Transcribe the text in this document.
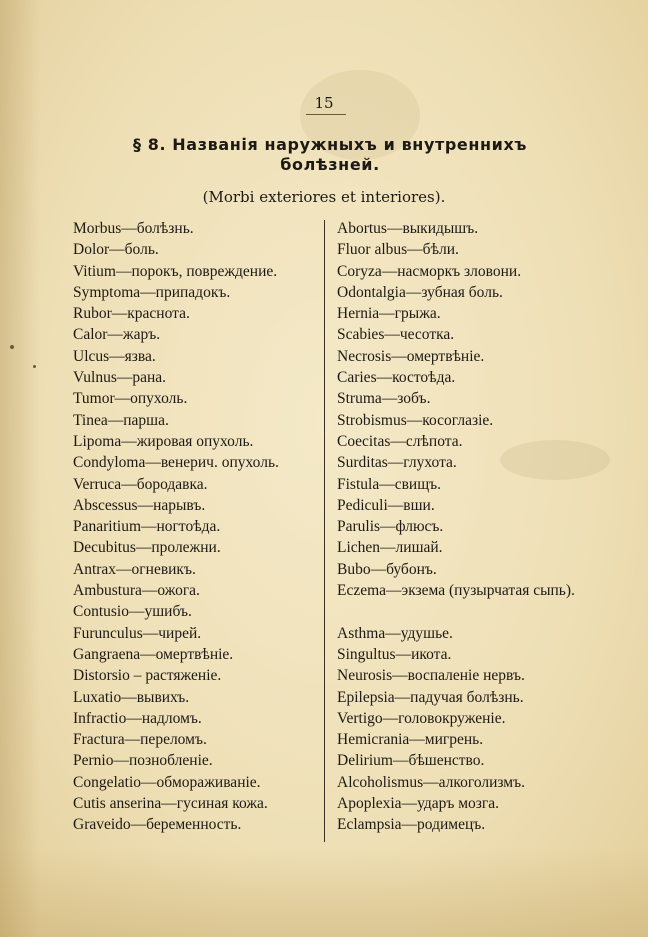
15
§ 8. Названія наружныхъ и внутреннихъ
болѣзней.
(Morbi exteriores et interiores).
Morbus—болѣзнь.
Dolor—боль.
Vitium—порокъ, повреждение.
Symptoma—припадокъ.
Rubor—краснота.
Calor—жаръ.
Ulcus—язва.
Vulnus—рана.
Tumor—опухоль.
Tinea—парша.
Lipoma—жировая опухоль.
Condyloma—венерич. опухоль.
Verruca—бородавка.
Abscessus—нарывъ.
Panaritium—ногтоѣда.
Decubitus—пролежни.
Antrax—огневикъ.
Ambustura—ожога.
Contusio—ушибъ.
Furunculus—чирей.
Gangraena—омертвѣніе.
Distorsio – растяженіе.
Luxatio—вывихъ.
Infractio—надломъ.
Fractura—переломъ.
Pernio—познобленіе.
Congelatio—обмораживаніе.
Cutis anserina—гусиная кожа.
Graveido—беременность.
Abortus—выкидышъ.
Fluor albus—бѣли.
Coryza—насморкъ зловони.
Odontalgia—зубная боль.
Hernia—грыжа.
Scabies—чесотка.
Necrosis—омертвѣніе.
Caries—костоѣда.
Struma—зобъ.
Strobismus—косоглазіе.
Coecitas—слѣпота.
Surditas—глухота.
Fistula—свищъ.
Pediculi—вши.
Parulis—флюсъ.
Lichen—лишай.
Bubo—бубонъ.
Eczema—экзема (пузырчатая сыпь).
Asthma—удушье.
Singultus—икота.
Neurosis—воспаленіе нервъ.
Epilepsia—падучая болѣзнь.
Vertigo—головокруженіе.
Hemicrania—мигрень.
Delirium—бѣшенство.
Alcoholismus—алкоголизмъ.
Apoplexia—ударъ мозга.
Eclampsia—родимецъ.
